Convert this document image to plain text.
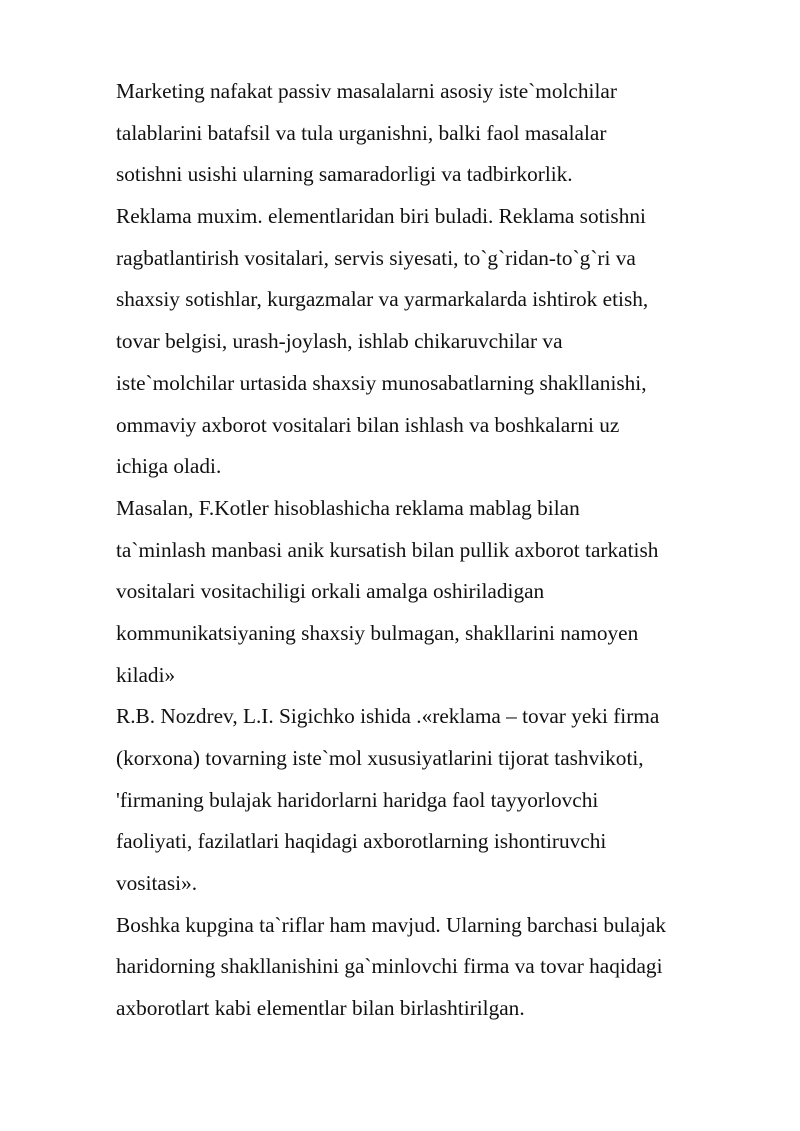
Marketing nafakat passiv masalalarni asosiy iste`molchilar
talablarini batafsil va tula urganishni, balki faol masalalar
sotishni usishi ularning samaradorligi va tadbirkorlik.
Reklama muxim. elementlaridan biri buladi. Reklama sotishni
ragbatlantirish vositalari, servis siyesati, to`g`ridan-to`g`ri va
shaxsiy sotishlar, kurgazmalar va yarmarkalarda ishtirok etish,
tovar belgisi, urash-joylash, ishlab chikaruvchilar va
iste`molchilar urtasida shaxsiy munosabatlarning shakllanishi,
ommaviy axborot vositalari bilan ishlash va boshkalarni uz
ichiga oladi.
Masalan, F.Kotler hisoblashicha reklama mablag bilan
ta`minlash manbasi anik kursatish bilan pullik axborot tarkatish
vositalari vositachiligi orkali amalga oshiriladigan
kommunikatsiyaning shaxsiy bulmagan, shakllarini namoyen
kiladi»
R.B. Nozdrev, L.I. Sigichko ishida .«reklama – tovar yeki firma
(korxona) tovarning iste`mol xususiyatlarini tijorat tashvikoti,
'firmaning bulajak haridorlarni haridga faol tayyorlovchi
faoliyati, fazilatlari haqidagi axborotlarning ishontiruvchi
vositasi».
Boshka kupgina ta`riflar ham mavjud. Ularning barchasi bulajak
haridorning shakllanishini ga`minlovchi firma va tovar haqidagi
axborotlart kabi elementlar bilan birlashtirilgan.
